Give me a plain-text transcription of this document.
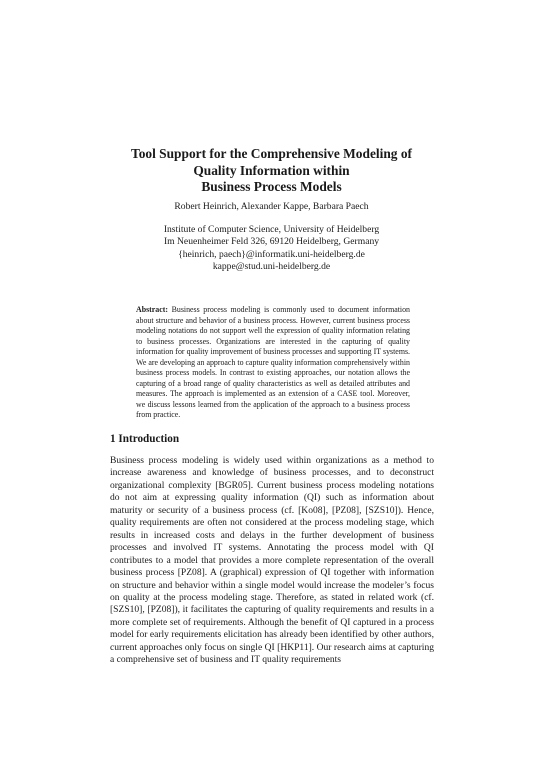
Tool Support for the Comprehensive Modeling of
Quality Information within
Business Process Models
Robert Heinrich, Alexander Kappe, Barbara Paech
Institute of Computer Science, University of Heidelberg
Im Neuenheimer Feld 326, 69120 Heidelberg, Germany
{heinrich, paech}@informatik.uni-heidelberg.de
kappe@stud.uni-heidelberg.de

Abstract: Business process modeling is commonly used to document information about structure and behavior of a business process. However, current business process modeling notations do not support well the expression of quality information relating to business processes. Organizations are interested in the capturing of quality information for quality improvement of business processes and supporting IT systems. We are developing an approach to capture quality information comprehensively within business process models. In contrast to existing approaches, our notation allows the capturing of a broad range of quality characteristics as well as detailed attributes and measures. The approach is implemented as an extension of a CASE tool. Moreover, we discuss lessons learned from the application of the approach to a business process from practice.

1 Introduction

Business process modeling is widely used within organizations as a method to increase awareness and knowledge of business processes, and to deconstruct organizational complexity [BGR05]. Current business process modeling notations do not aim at expressing quality information (QI) such as information about maturity or security of a business process (cf. [Ko08], [PZ08], [SZS10]). Hence, quality requirements are often not considered at the process modeling stage, which results in increased costs and delays in the further development of business processes and involved IT systems. Annotating the process model with QI contributes to a model that provides a more complete representation of the overall business process [PZ08]. A (graphical) expression of QI together with information on structure and behavior within a single model would increase the modeler’s focus on quality at the process modeling stage. Therefore, as stated in related work (cf. [SZS10], [PZ08]), it facilitates the capturing of quality requirements and results in a more complete set of requirements. Although the benefit of QI captured in a process model for early requirements elicitation has already been identified by other authors, current approaches only focus on single QI [HKP11]. Our research aims at capturing a comprehensive set of business and IT quality requirements
